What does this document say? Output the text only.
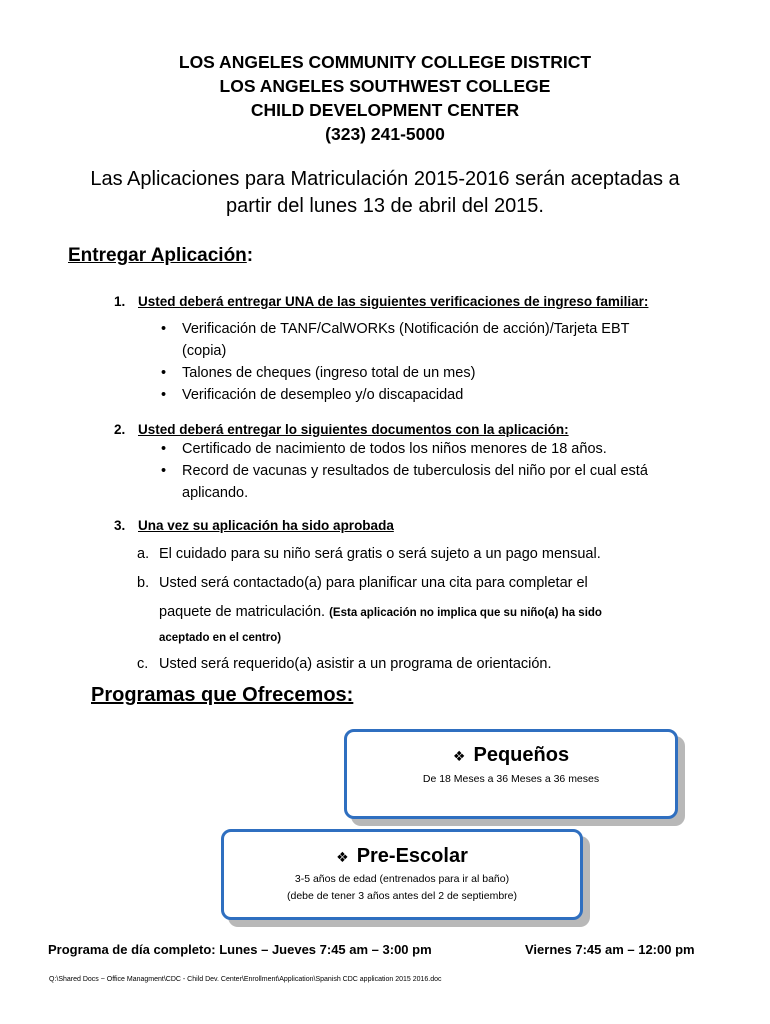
LOS ANGELES COMMUNITY COLLEGE DISTRICT
LOS ANGELES SOUTHWEST COLLEGE
CHILD DEVELOPMENT CENTER
(323) 241-5000
Las Aplicaciones para Matriculación 2015-2016 serán aceptadas a
partir del lunes 13 de abril del 2015.
Entregar Aplicación:
1. Usted deberá entregar UNA de las siguientes verificaciones de ingreso familiar:
• Verificación de TANF/CalWORKs (Notificación de acción)/Tarjeta EBT
(copia)
• Talones de cheques (ingreso total de un mes)
• Verificación de desempleo y/o discapacidad
2. Usted deberá entregar lo siguientes documentos con la aplicación:
• Certificado de nacimiento de todos los niños menores de 18 años.
• Record de vacunas y resultados de tuberculosis del niño por el cual está
aplicando.
3. Una vez su aplicación ha sido aprobada
a. El cuidado para su niño será gratis o será sujeto a un pago mensual.
b. Usted será contactado(a) para planificar una cita para completar el
paquete de matriculación. (Esta aplicación no implica que su niño(a) ha sido
aceptado en el centro)
c. Usted será requerido(a) asistir a un programa de orientación.
Programas que Ofrecemos:
❖ Pequeños
De 18 Meses a 36 Meses a 36 meses
❖ Pre-Escolar
3-5 años de edad (entrenados para ir al baño)
(debe de tener 3 años antes del 2 de septiembre)
Programa de día completo: Lunes – Jueves 7:45 am – 3:00 pm	Viernes 7:45 am – 12:00 pm
Q:\Shared Docs ~ Office Managment\CDC - Child Dev. Center\Enrollment\Application\Spanish CDC application 2015 2016.doc
